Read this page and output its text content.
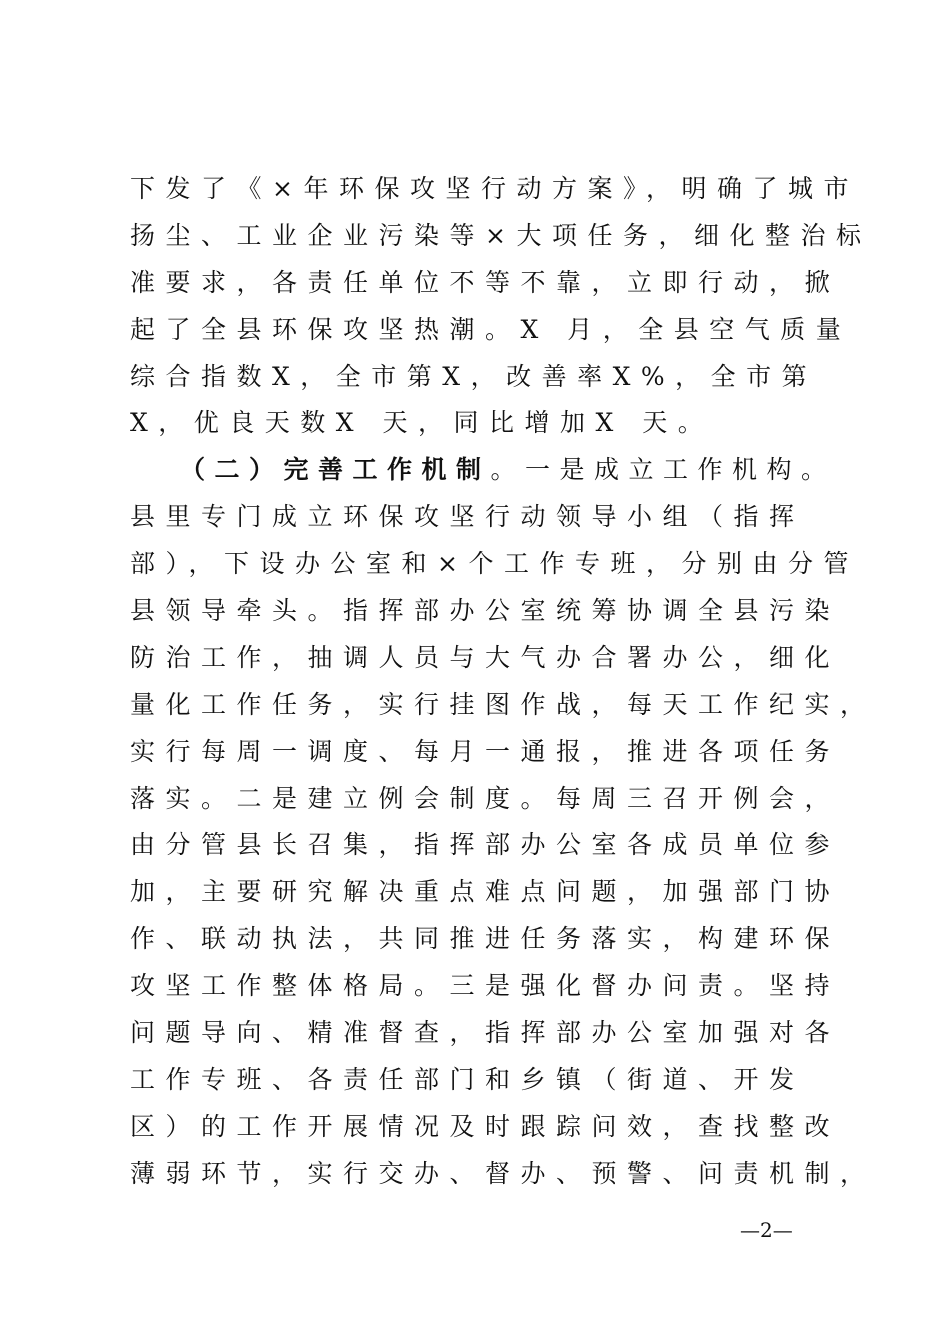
下发了《×年环保攻坚行动方案》，明确了城市
扬尘、工业企业污染等×大项任务，细化整治标
准要求，各责任单位不等不靠，立即行动，掀
起了全县环保攻坚热潮。X 月，全县空气质量
综合指数X，全市第X，改善率X%，全市第
X，优良天数X 天，同比增加X 天。
（二）完善工作机制。一是成立工作机构。
县里专门成立环保攻坚行动领导小组（指挥
部），下设办公室和×个工作专班，分别由分管
县领导牵头。指挥部办公室统筹协调全县污染
防治工作，抽调人员与大气办合署办公，细化
量化工作任务，实行挂图作战，每天工作纪实，
实行每周一调度、每月一通报，推进各项任务
落实。二是建立例会制度。每周三召开例会，
由分管县长召集，指挥部办公室各成员单位参
加，主要研究解决重点难点问题，加强部门协
作、联动执法，共同推进任务落实，构建环保
攻坚工作整体格局。三是强化督办问责。坚持
问题导向、精准督查，指挥部办公室加强对各
工作专班、各责任部门和乡镇（街道、开发
区）的工作开展情况及时跟踪问效，查找整改
薄弱环节，实行交办、督办、预警、问责机制，
—2—
